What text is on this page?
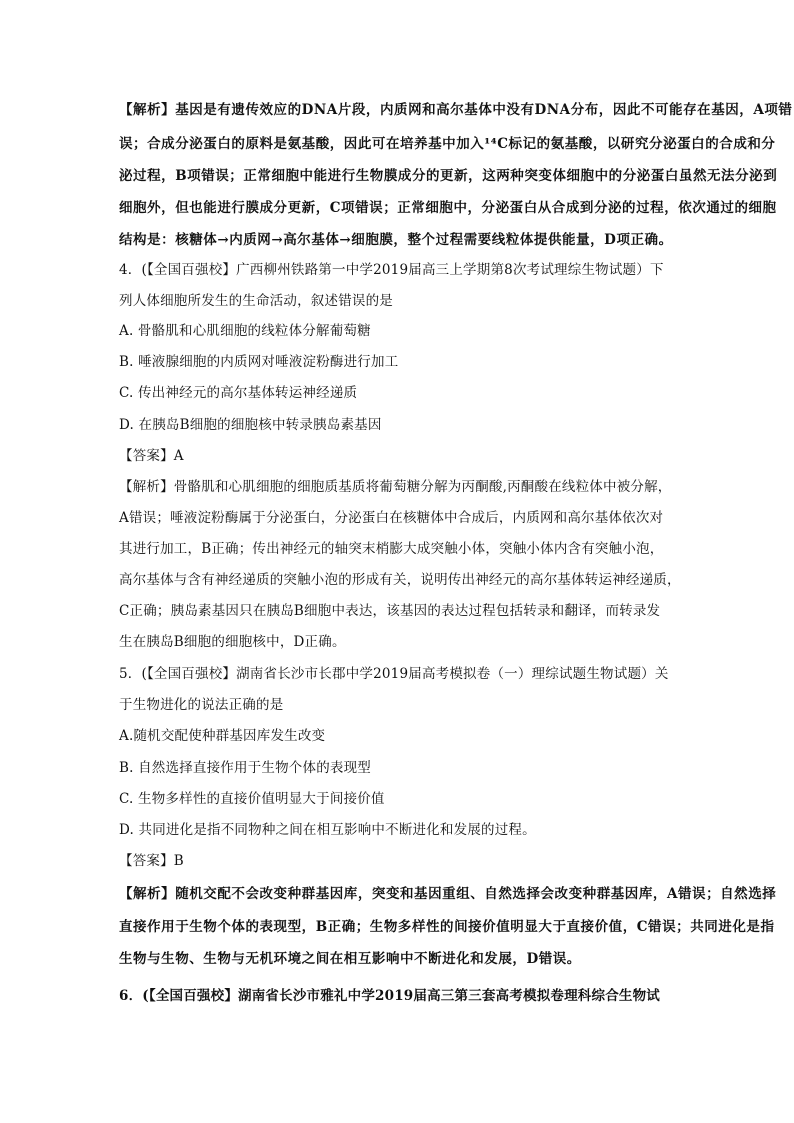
【解析】基因是有遗传效应的DNA片段，内质网和高尔基体中没有DNA分布，因此不可能存在基因，A项错
误；合成分泌蛋白的原料是氨基酸，因此可在培养基中加入¹⁴C标记的氨基酸，以研究分泌蛋白的合成和分
泌过程，B项错误；正常细胞中能进行生物膜成分的更新，这两种突变体细胞中的分泌蛋白虽然无法分泌到
细胞外，但也能进行膜成分更新，C项错误；正常细胞中，分泌蛋白从合成到分泌的过程，依次通过的细胞
结构是：核糖体→内质网→高尔基体→细胞膜，整个过程需要线粒体提供能量，D项正确。
4．(【全国百强校】广西柳州铁路第一中学2019届高三上学期第8次考试理综生物试题）下
列人体细胞所发生的生命活动，叙述错误的是
A. 骨骼肌和心肌细胞的线粒体分解葡萄糖
B. 唾液腺细胞的内质网对唾液淀粉酶进行加工
C. 传出神经元的高尔基体转运神经递质
D. 在胰岛B细胞的细胞核中转录胰岛素基因
【答案】A
【解析】骨骼肌和心肌细胞的细胞质基质将葡萄糖分解为丙酮酸,丙酮酸在线粒体中被分解，
A错误；唾液淀粉酶属于分泌蛋白，分泌蛋白在核糖体中合成后，内质网和高尔基体依次对
其进行加工，B正确；传出神经元的轴突末梢膨大成突触小体，突触小体内含有突触小泡，
高尔基体与含有神经递质的突触小泡的形成有关，说明传出神经元的高尔基体转运神经递质，
C正确；胰岛素基因只在胰岛B细胞中表达，该基因的表达过程包括转录和翻译，而转录发
生在胰岛B细胞的细胞核中，D正确。
5．(【全国百强校】湖南省长沙市长郡中学2019届高考模拟卷（一）理综试题生物试题）关
于生物进化的说法正确的是
A.随机交配使种群基因库发生改变
B. 自然选择直接作用于生物个体的表现型
C. 生物多样性的直接价值明显大于间接价值
D. 共同进化是指不同物种之间在相互影响中不断进化和发展的过程。
【答案】B
【解析】随机交配不会改变种群基因库，突变和基因重组、自然选择会改变种群基因库，A错误；自然选择
直接作用于生物个体的表现型，B正确；生物多样性的间接价值明显大于直接价值，C错误；共同进化是指
生物与生物、生物与无机环境之间在相互影响中不断进化和发展，D错误。
6．(【全国百强校】湖南省长沙市雅礼中学2019届高三第三套高考模拟卷理科综合生物试
